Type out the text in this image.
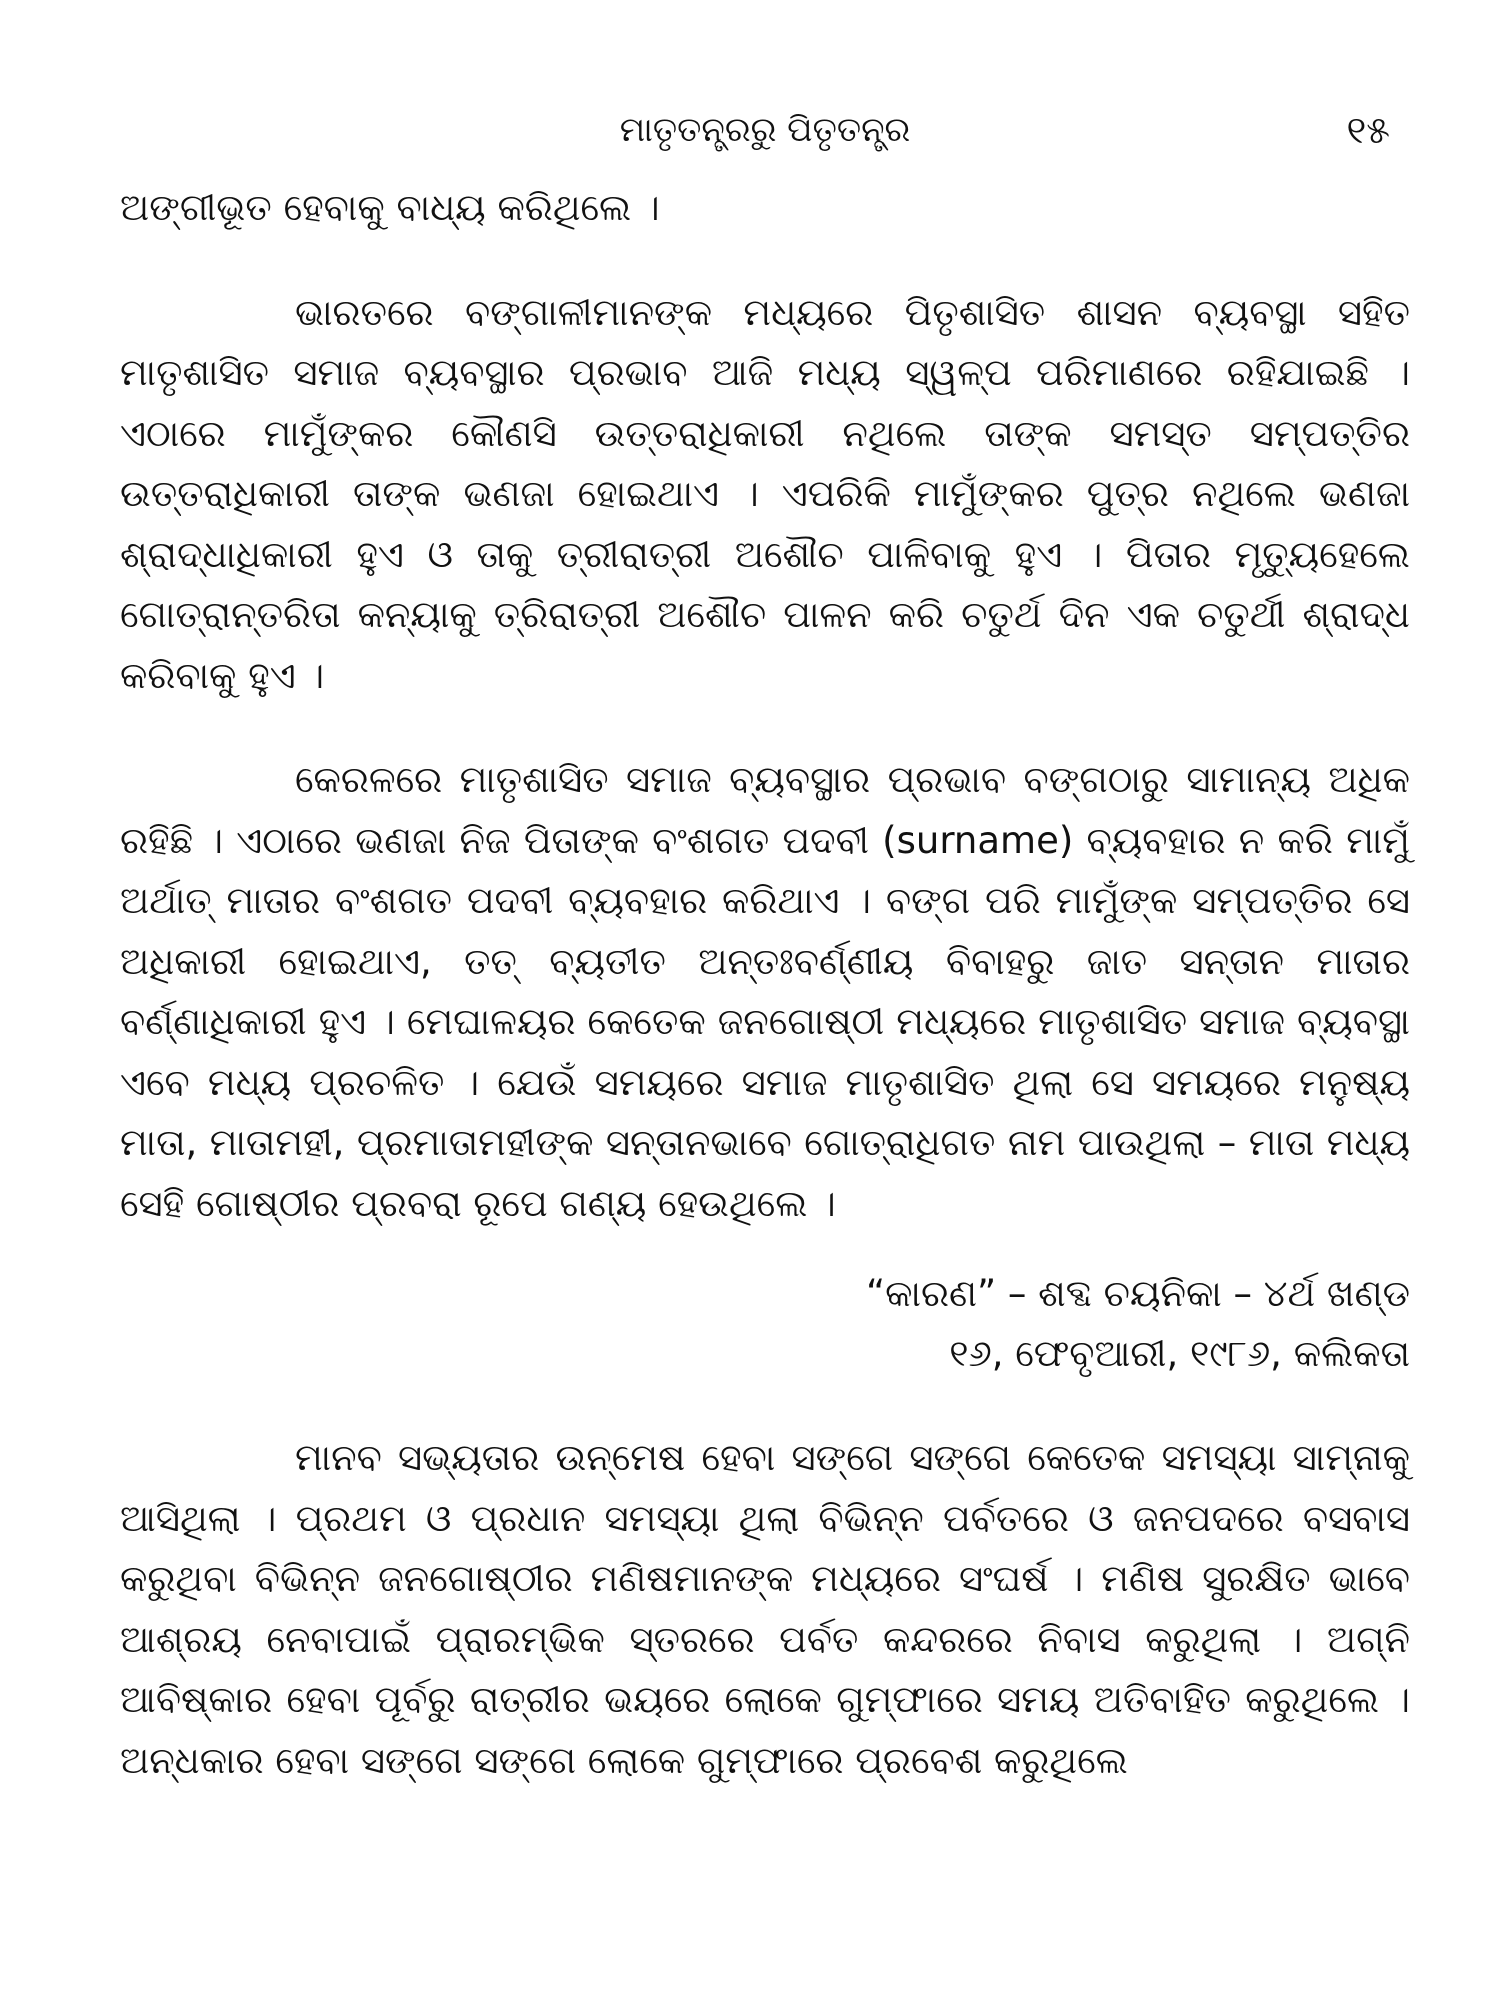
ମାତୃତନ୍ତ୍ରରୁ ପିତୃତନ୍ତ୍ର	୧୫

ଅଙ୍ଗୀଭୂତ ହେବାକୁ ବାଧ୍ୟ କରିଥିଲେ ।

ଭାରତରେ ବଙ୍ଗାଳୀମାନଙ୍କ ମଧ୍ୟରେ ପିତୃଶାସିତ ଶାସନ ବ୍ୟବସ୍ଥା ସହିତ ମାତୃଶାସିତ ସମାଜ ବ୍ୟବସ୍ଥାର ପ୍ରଭାବ ଆଜି ମଧ୍ୟ ସ୍ୱଳ୍ପ ପରିମାଣରେ ରହିଯାଇଛି । ଏଠାରେ ମାମୁଁଙ୍କର କୌଣସି ଉତ୍ତରାଧିକାରୀ ନଥିଲେ ତାଙ୍କ ସମସ୍ତ ସମ୍ପତ୍ତିର ଉତ୍ତରାଧିକାରୀ ତାଙ୍କ ଭଣଜା ହୋଇଥାଏ । ଏପରିକି ମାମୁଁଙ୍କର ପୁତ୍ର ନଥିଲେ ଭଣଜା ଶ୍ରାଦ୍ଧାଧିକାରୀ ହୁଏ ଓ ତାକୁ ତ୍ରୀରାତ୍ରୀ ଅଶୌଚ ପାଳିବାକୁ ହୁଏ । ପିତାର ମୃତ୍ୟୁହେଲେ ଗୋତ୍ରାନ୍ତରିତା କନ୍ୟାକୁ ତ୍ରିରାତ୍ରୀ ଅଶୌଚ ପାଳନ କରି ଚତୁର୍ଥ ଦିନ ଏକ ଚତୁର୍ଥୀ ଶ୍ରାଦ୍ଧ କରିବାକୁ ହୁଏ ।

କେରଳରେ ମାତୃଶାସିତ ସମାଜ ବ୍ୟବସ୍ଥାର ପ୍ରଭାବ ବଙ୍ଗଠାରୁ ସାମାନ୍ୟ ଅଧିକ ରହିଛି । ଏଠାରେ ଭଣଜା ନିଜ ପିତାଙ୍କ ବଂଶଗତ ପଦବୀ (surname) ବ୍ୟବହାର ନ କରି ମାମୁଁ ଅର୍ଥାତ୍ ମାତାର ବଂଶଗତ ପଦବୀ ବ୍ୟବହାର କରିଥାଏ । ବଙ୍ଗ ପରି ମାମୁଁଙ୍କ ସମ୍ପତ୍ତିର ସେ ଅଧିକାରୀ ହୋଇଥାଏ, ତତ୍ ବ୍ୟତୀତ ଅନ୍ତଃବର୍ଣ୍ଣୀୟ ବିବାହରୁ ଜାତ ସନ୍ତାନ ମାତାର ବର୍ଣ୍ଣାଧିକାରୀ ହୁଏ । ମେଘାଳୟର କେତେକ ଜନଗୋଷ୍ଠୀ ମଧ୍ୟରେ ମାତୃଶାସିତ ସମାଜ ବ୍ୟବସ୍ଥା ଏବେ ମଧ୍ୟ ପ୍ରଚଳିତ । ଯେଉଁ ସମୟରେ ସମାଜ ମାତୃଶାସିତ ଥିଲା ସେ ସମୟରେ ମନୁଷ୍ୟ ମାତା, ମାତାମହୀ, ପ୍ରମାତାମହୀଙ୍କ ସନ୍ତାନଭାବେ ଗୋତ୍ରାଧିଗତ ନାମ ପାଉଥିଲା – ମାତା ମଧ୍ୟ ସେହି ଗୋଷ୍ଠୀର ପ୍ରବରା ରୂପେ ଗଣ୍ୟ ହେଉଥିଲେ ।

“କାରଣ” – ଶବ୍ଦ ଚୟନିକା – ୪ର୍ଥ ଖଣ୍ଡ
୧୬, ଫେବୃଆରୀ, ୧୯୮୬, କଲିକତା

ମାନବ ସଭ୍ୟତାର ଉନ୍ମେଷ ହେବା ସଙ୍ଗେ ସଙ୍ଗେ କେତେକ ସମସ୍ୟା ସାମ୍ନାକୁ ଆସିଥିଲା । ପ୍ରଥମ ଓ ପ୍ରଧାନ ସମସ୍ୟା ଥିଲା ବିଭିନ୍ନ ପର୍ବତରେ ଓ ଜନପଦରେ ବସବାସ କରୁଥିବା ବିଭିନ୍ନ ଜନଗୋଷ୍ଠୀର ମଣିଷମାନଙ୍କ ମଧ୍ୟରେ ସଂଘର୍ଷ । ମଣିଷ ସୁରକ୍ଷିତ ଭାବେ ଆଶ୍ରୟ ନେବାପାଇଁ ପ୍ରାରମ୍ଭିକ ସ୍ତରରେ ପର୍ବତ କନ୍ଦରରେ ନିବାସ କରୁଥିଲା । ଅଗ୍ନି ଆବିଷ୍କାର ହେବା ପୂର୍ବରୁ ରାତ୍ରୀର ଭୟରେ ଲୋକେ ଗୁମ୍ଫାରେ ସମୟ ଅତିବାହିତ କରୁଥିଲେ । ଅନ୍ଧକାର ହେବା ସଙ୍ଗେ ସଙ୍ଗେ ଲୋକେ ଗୁମ୍ଫାରେ ପ୍ରବେଶ କରୁଥିଲେ
